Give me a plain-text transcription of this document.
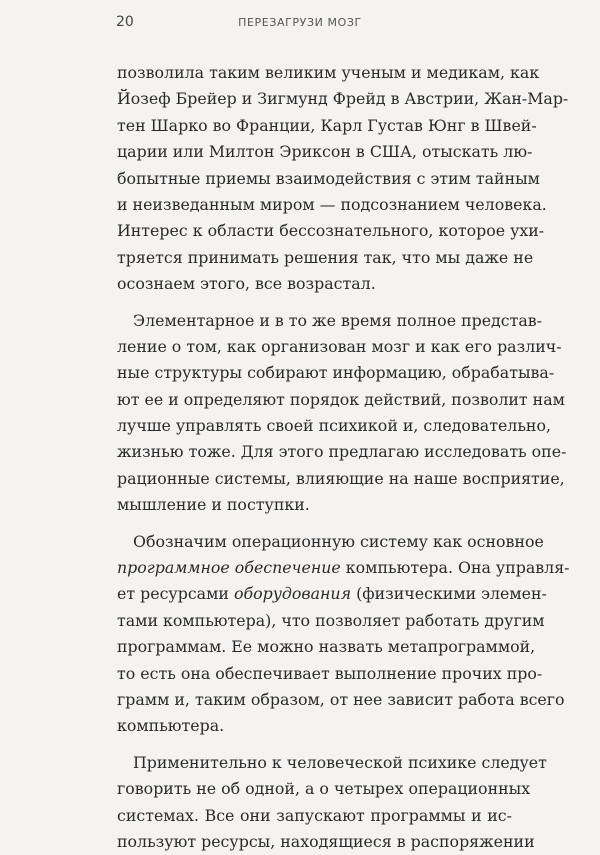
20	ПЕРЕЗАГРУЗИ МОЗГ
позволила таким великим ученым и медикам, как
Йозеф Брейер и Зигмунд Фрейд в Австрии, Жан-Мар-
тен Шарко во Франции, Карл Густав Юнг в Швей-
царии или Милтон Эриксон в США, отыскать лю-
бопытные приемы взаимодействия с этим тайным
и неизведанным миром — подсознанием человека.
Интерес к области бессознательного, которое ухи-
тряется принимать решения так, что мы даже не
осознаем этого, все возрастал.
Элементарное и в то же время полное представ-
ление о том, как организован мозг и как его различ-
ные структуры собирают информацию, обрабатыва-
ют ее и определяют порядок действий, позволит нам
лучше управлять своей психикой и, следовательно,
жизнью тоже. Для этого предлагаю исследовать опе-
рационные системы, влияющие на наше восприятие,
мышление и поступки.
Обозначим операционную систему как основное
программное обеспечение компьютера. Она управля-
ет ресурсами оборудования (физическими элемен-
тами компьютера), что позволяет работать другим
программам. Ее можно назвать метапрограммой,
то есть она обеспечивает выполнение прочих про-
грамм и, таким образом, от нее зависит работа всего
компьютера.
Применительно к человеческой психике следует
говорить не об одной, а о четырех операционных
системах. Все они запускают программы и ис-
пользуют ресурсы, находящиеся в распоряжении
